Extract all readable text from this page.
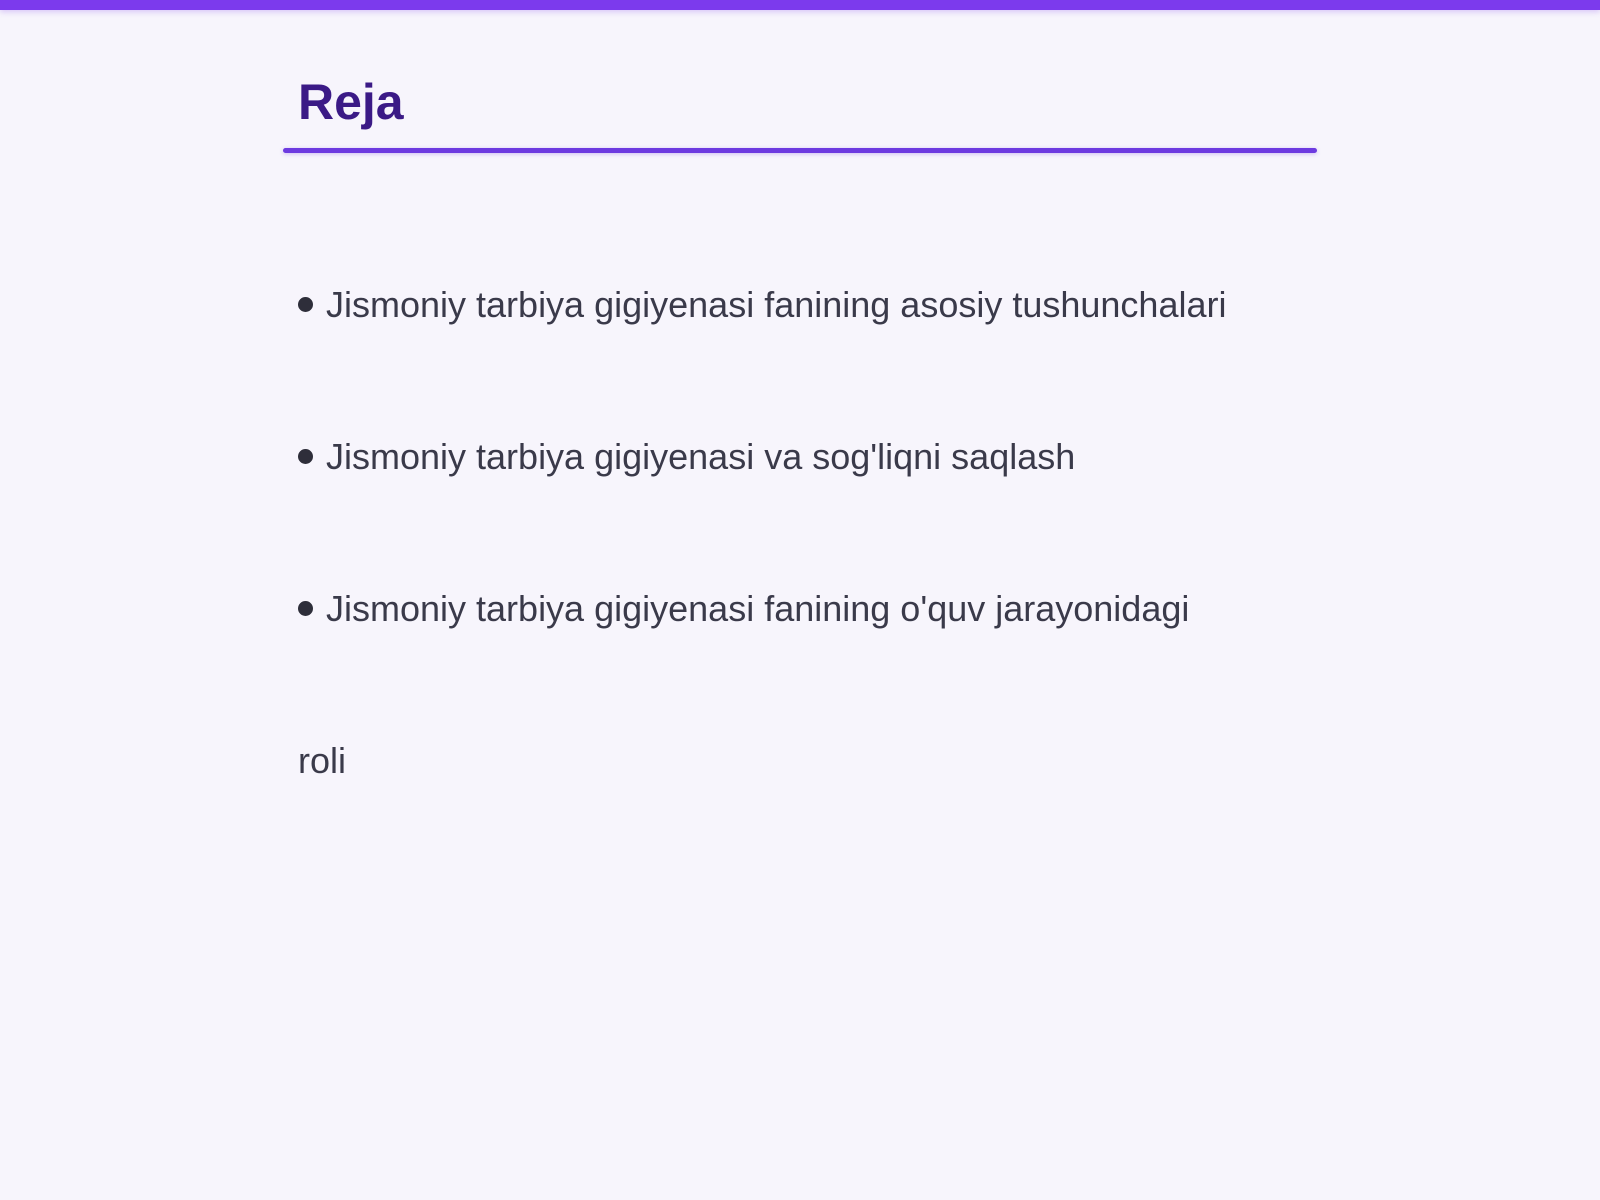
Reja

Jismoniy tarbiya gigiyenasi fanining asosiy tushunchalari

Jismoniy tarbiya gigiyenasi va sog'liqni saqlash

Jismoniy tarbiya gigiyenasi fanining o'quv jarayonidagi

roli
